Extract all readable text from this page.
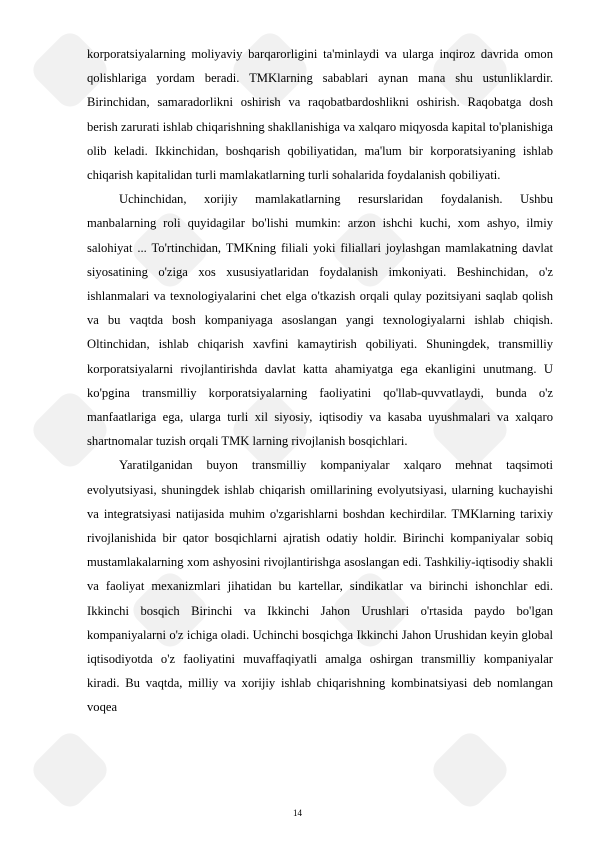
korporatsiyalarning moliyaviy barqarorligini ta'minlaydi va ularga inqiroz davrida omon qolishlariga yordam beradi. TMKlarning sabablari aynan mana shu ustunliklardir. Birinchidan, samaradorlikni oshirish va raqobatbardoshlikni oshirish. Raqobatga dosh berish zarurati ishlab chiqarishning shakllanishiga va xalqaro miqyosda kapital to'planishiga olib keladi. Ikkinchidan, boshqarish qobiliyatidan, ma'lum bir korporatsiyaning ishlab chiqarish kapitalidan turli mamlakatlarning turli sohalarida foydalanish qobiliyati.

Uchinchidan, xorijiy mamlakatlarning resurslaridan foydalanish. Ushbu manbalarning roli quyidagilar bo'lishi mumkin: arzon ishchi kuchi, xom ashyo, ilmiy salohiyat ... To'rtinchidan, TMKning filiali yoki filiallari joylashgan mamlakatning davlat siyosatining o'ziga xos xususiyatlaridan foydalanish imkoniyati. Beshinchidan, o'z ishlanmalari va texnologiyalarini chet elga o'tkazish orqali qulay pozitsiyani saqlab qolish va bu vaqtda bosh kompaniyaga asoslangan yangi texnologiyalarni ishlab chiqish. Oltinchidan, ishlab chiqarish xavfini kamaytirish qobiliyati. Shuningdek, transmilliy korporatsiyalarni rivojlantirishda davlat katta ahamiyatga ega ekanligini unutmang. U ko'pgina transmilliy korporatsiyalarning faoliyatini qo'llab-quvvatlaydi, bunda o'z manfaatlariga ega, ularga turli xil siyosiy, iqtisodiy va kasaba uyushmalari va xalqaro shartnomalar tuzish orqali TMK larning rivojlanish bosqichlari.

Yaratilganidan buyon transmilliy kompaniyalar xalqaro mehnat taqsimoti evolyutsiyasi, shuningdek ishlab chiqarish omillarining evolyutsiyasi, ularning kuchayishi va integratsiyasi natijasida muhim o'zgarishlarni boshdan kechirdilar. TMKlarning tarixiy rivojlanishida bir qator bosqichlarni ajratish odatiy holdir. Birinchi kompaniyalar sobiq mustamlakalarning xom ashyosini rivojlantirishga asoslangan edi. Tashkiliy-iqtisodiy shakli va faoliyat mexanizmlari jihatidan bu kartellar, sindikatlar va birinchi ishonchlar edi. Ikkinchi bosqich Birinchi va Ikkinchi Jahon Urushlari o'rtasida paydo bo'lgan kompaniyalarni o'z ichiga oladi. Uchinchi bosqichga Ikkinchi Jahon Urushidan keyin global iqtisodiyotda o'z faoliyatini muvaffaqiyatli amalga oshirgan transmilliy kompaniyalar kiradi. Bu vaqtda, milliy va xorijiy ishlab chiqarishning kombinatsiyasi deb nomlangan voqea

14
